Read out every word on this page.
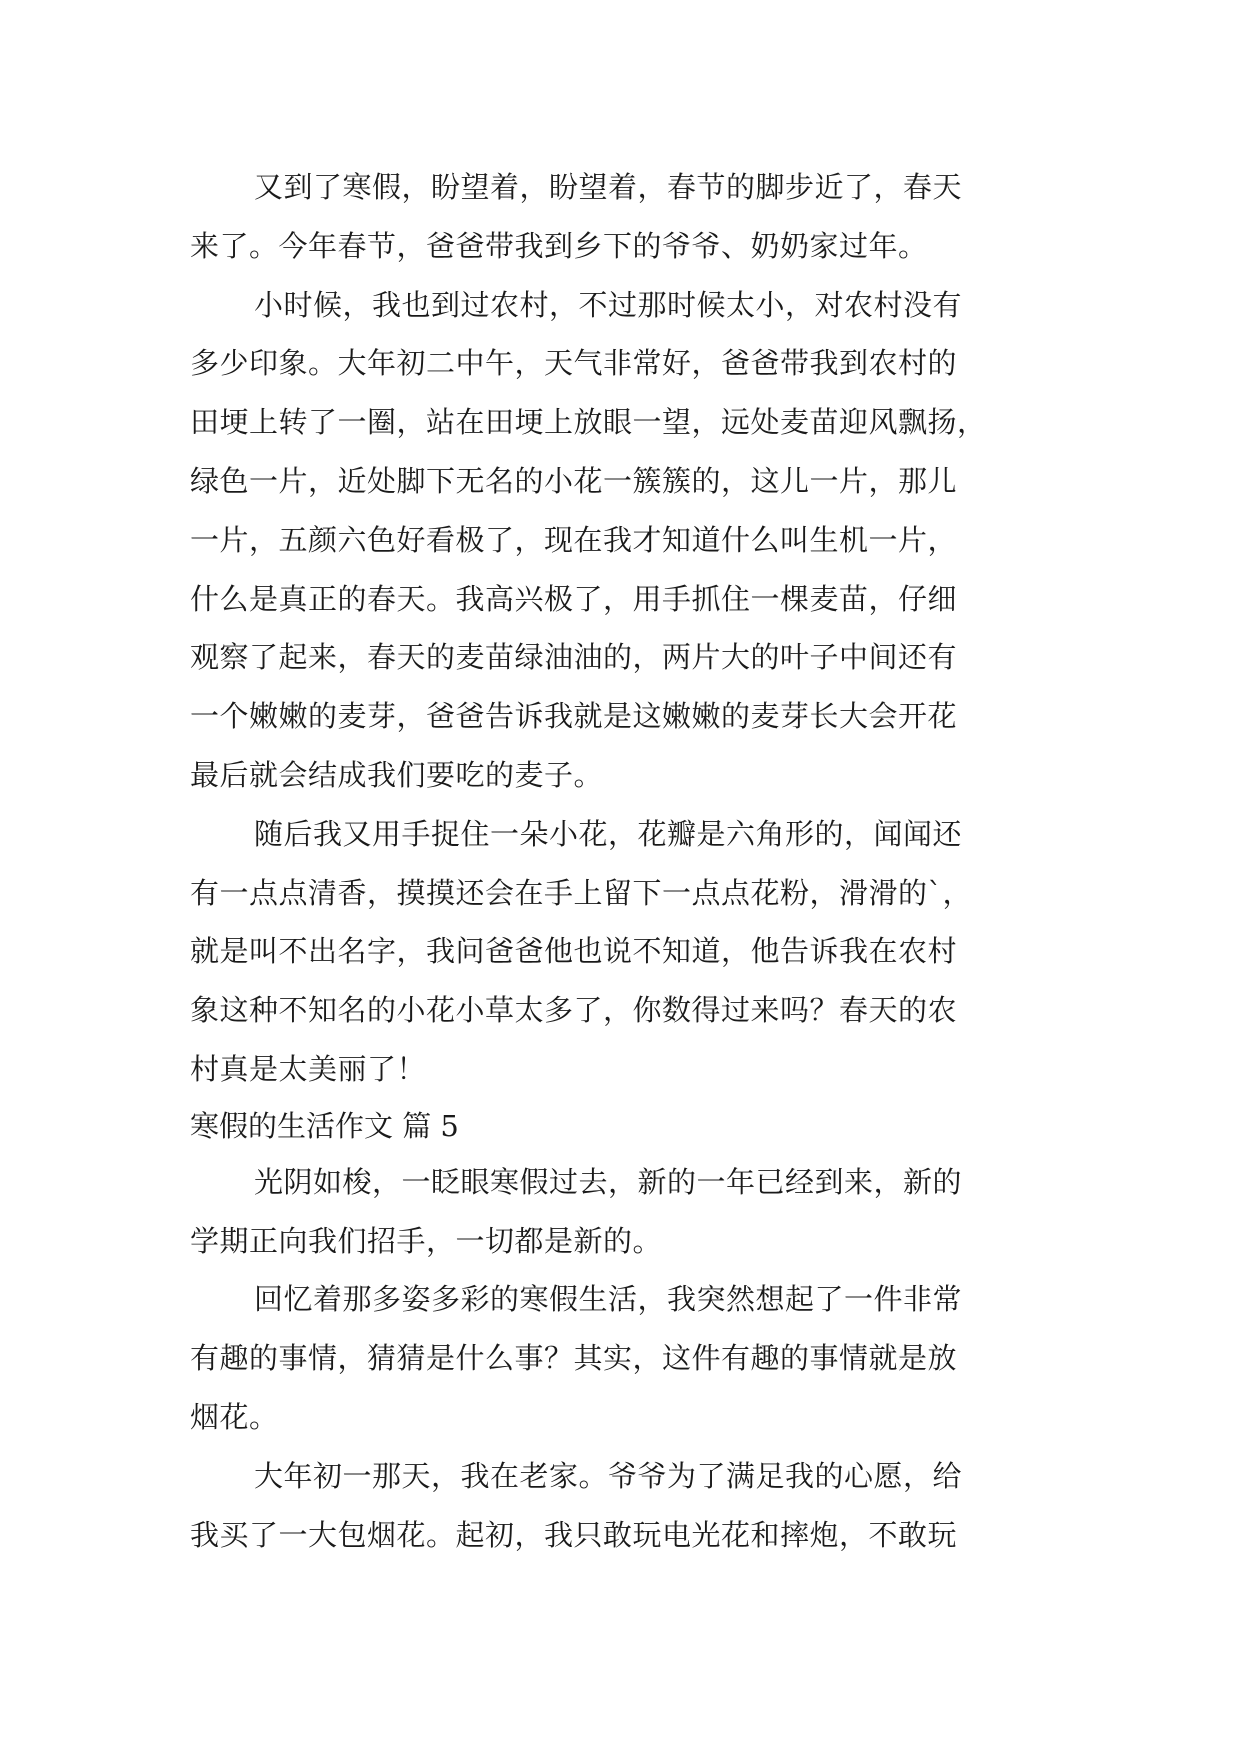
又到了寒假，盼望着，盼望着，春节的脚步近了，春天
来了。今年春节，爸爸带我到乡下的爷爷、奶奶家过年。
小时候，我也到过农村，不过那时候太小，对农村没有
多少印象。大年初二中午，天气非常好，爸爸带我到农村的
田埂上转了一圈，站在田埂上放眼一望，远处麦苗迎风飘扬，
绿色一片，近处脚下无名的小花一簇簇的，这儿一片，那儿
一片，五颜六色好看极了，现在我才知道什么叫生机一片，
什么是真正的春天。我高兴极了，用手抓住一棵麦苗，仔细
观察了起来，春天的麦苗绿油油的，两片大的叶子中间还有
一个嫩嫩的麦芽，爸爸告诉我就是这嫩嫩的麦芽长大会开花
最后就会结成我们要吃的麦子。
随后我又用手捉住一朵小花，花瓣是六角形的，闻闻还
有一点点清香，摸摸还会在手上留下一点点花粉，滑滑的`，
就是叫不出名字，我问爸爸他也说不知道，他告诉我在农村
象这种不知名的小花小草太多了，你数得过来吗？春天的农
村真是太美丽了！
寒假的生活作文 篇 5
光阴如梭，一眨眼寒假过去，新的一年已经到来，新的
学期正向我们招手，一切都是新的。
回忆着那多姿多彩的寒假生活，我突然想起了一件非常
有趣的事情，猜猜是什么事？其实，这件有趣的事情就是放
烟花。
大年初一那天，我在老家。爷爷为了满足我的心愿，给
我买了一大包烟花。起初，我只敢玩电光花和摔炮，不敢玩
